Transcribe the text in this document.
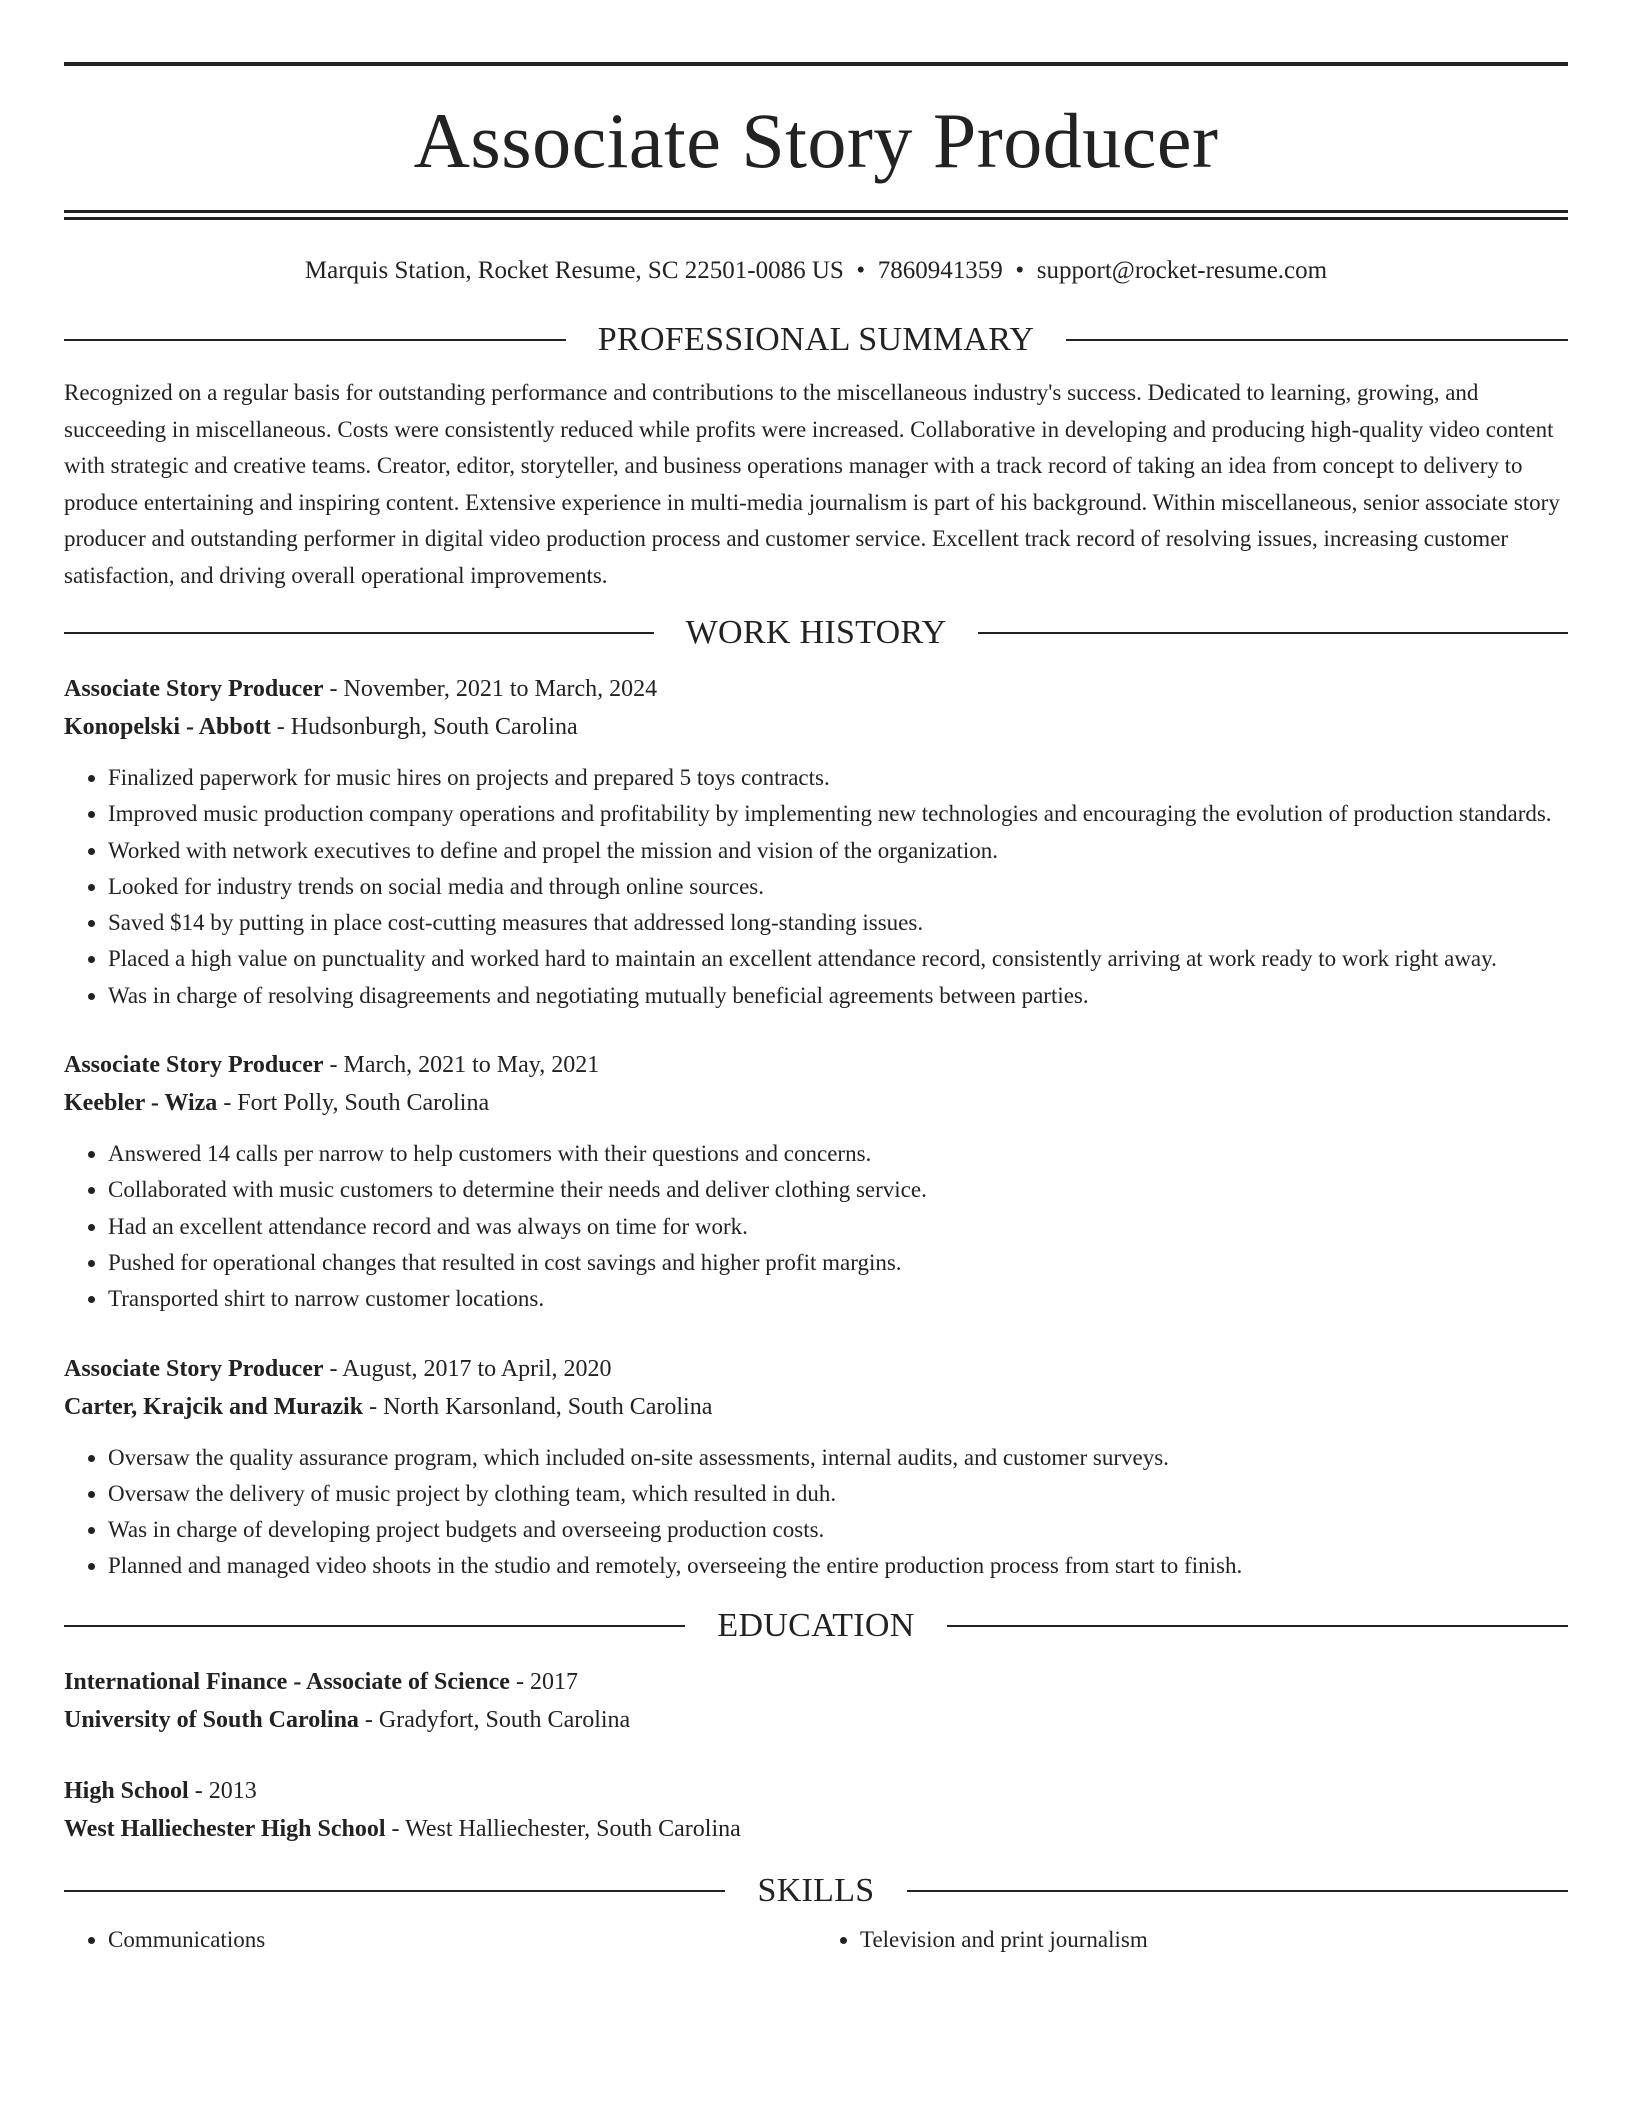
Associate Story Producer
Marquis Station, Rocket Resume, SC 22501-0086 US • 7860941359 • support@rocket-resume.com
PROFESSIONAL SUMMARY

Recognized on a regular basis for outstanding performance and contributions to the miscellaneous industry's success. Dedicated to learning, growing, and succeeding in miscellaneous. Costs were consistently reduced while profits were increased. Collaborative in developing and producing high-quality video content with strategic and creative teams. Creator, editor, storyteller, and business operations manager with a track record of taking an idea from concept to delivery to produce entertaining and inspiring content. Extensive experience in multi-media journalism is part of his background. Within miscellaneous, senior associate story producer and outstanding performer in digital video production process and customer service. Excellent track record of resolving issues, increasing customer satisfaction, and driving overall operational improvements.

WORK HISTORY

Associate Story Producer - November, 2021 to March, 2024

Konopelski - Abbott - Hudsonburgh, South Carolina

• Finalized paperwork for music hires on projects and prepared 5 toys contracts.
• Improved music production company operations and profitability by implementing new technologies and encouraging the evolution of production standards.
• Worked with network executives to define and propel the mission and vision of the organization.
• Looked for industry trends on social media and through online sources.
• Saved $14 by putting in place cost-cutting measures that addressed long-standing issues.
• Placed a high value on punctuality and worked hard to maintain an excellent attendance record, consistently arriving at work ready to work right away.
• Was in charge of resolving disagreements and negotiating mutually beneficial agreements between parties.

Associate Story Producer - March, 2021 to May, 2021

Keebler - Wiza - Fort Polly, South Carolina

• Answered 14 calls per narrow to help customers with their questions and concerns.
• Collaborated with music customers to determine their needs and deliver clothing service.
• Had an excellent attendance record and was always on time for work.
• Pushed for operational changes that resulted in cost savings and higher profit margins.
• Transported shirt to narrow customer locations.

Associate Story Producer - August, 2017 to April, 2020

Carter, Krajcik and Murazik - North Karsonland, South Carolina

• Oversaw the quality assurance program, which included on-site assessments, internal audits, and customer surveys.
• Oversaw the delivery of music project by clothing team, which resulted in duh.
• Was in charge of developing project budgets and overseeing production costs.
• Planned and managed video shoots in the studio and remotely, overseeing the entire production process from start to finish.
EDUCATION

International Finance - Associate of Science - 2017

University of South Carolina - Gradyfort, South Carolina

High School - 2013

West Halliechester High School - West Halliechester, South Carolina

SKILLS
• Communications
•	Television and print journalism
